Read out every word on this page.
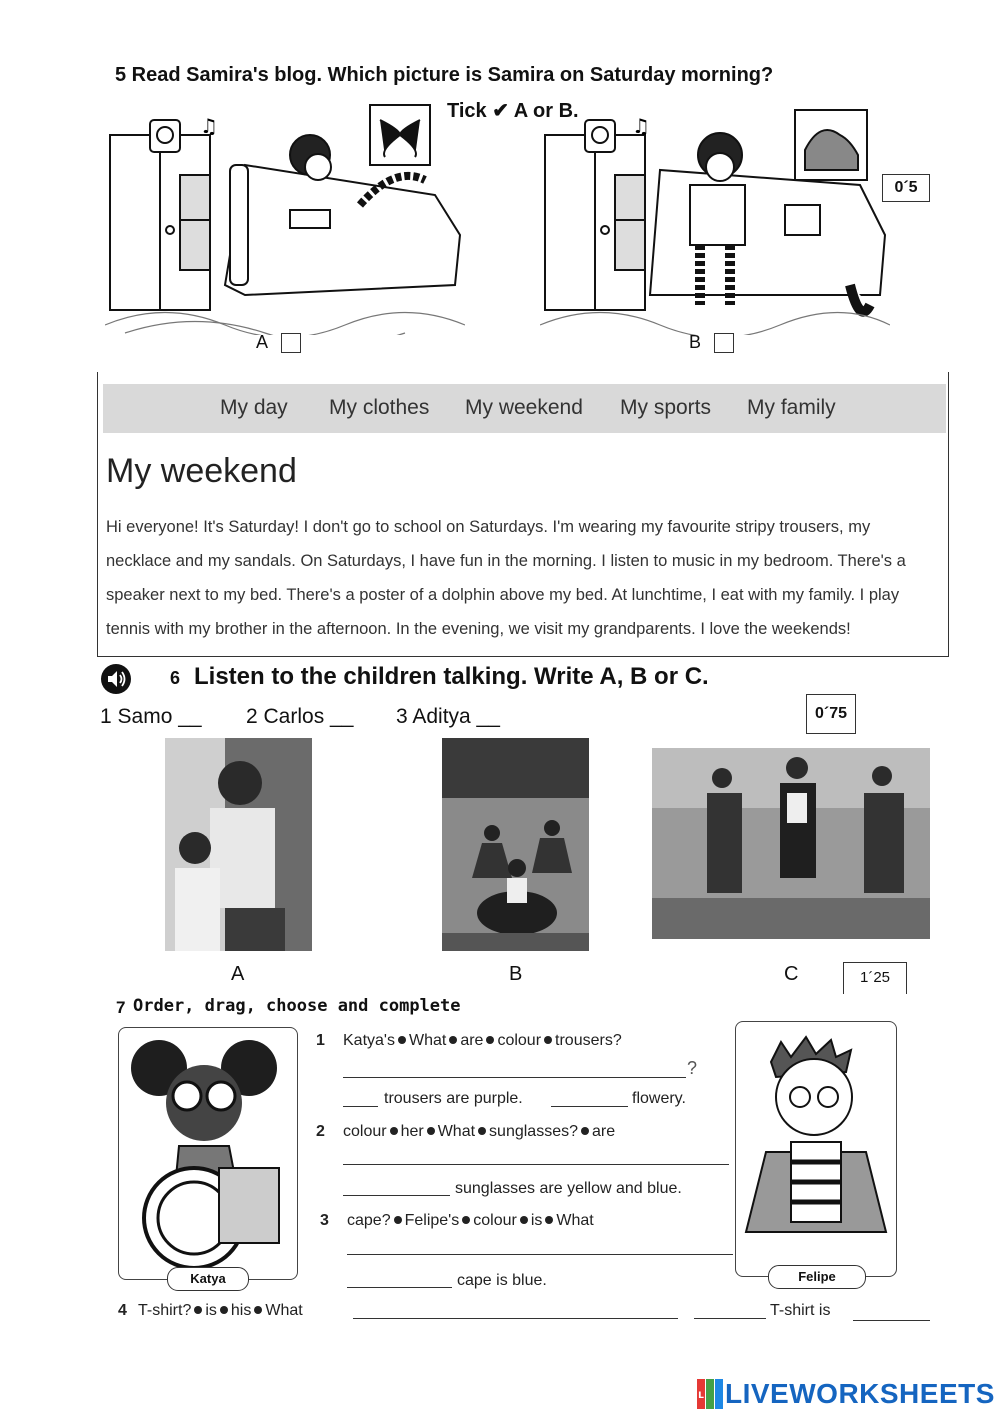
5 Read Samira's blog. Which picture is Samira on Saturday morning?
Tick ✔ A or B.
♫	♫
A	B
0´5
My day My clothes My weekend My sports My family
My weekend

Hi everyone! It's Saturday! I don't go to school on Saturdays. I'm wearing my favourite stripy trousers, my necklace and my sandals. On Saturdays, I have fun in the morning. I listen to music in my bedroom. There's a speaker next to my bed. There's a poster of a dolphin above my bed. At lunchtime, I eat with my family. I play tennis with my brother in the afternoon. In the evening, we visit my grandparents. I love the weekends!

6 Listen to the children talking. Write A, B or C.
1 Samo __ 2 Carlos __ 3 Aditya __	0´75
A	B	C	1´25
7 Order, drag, choose and complete
Katya	Felipe
1 Katya's What are colour trousers?
?
trousers are purple.	flowery.
2 colour her What sunglasses? are
sunglasses are yellow and blue.
3 cape? Felipe's colour is What
cape is blue.
4 T-shirt? is his What	T-shirt is
L LIVEWORKSHEETS
